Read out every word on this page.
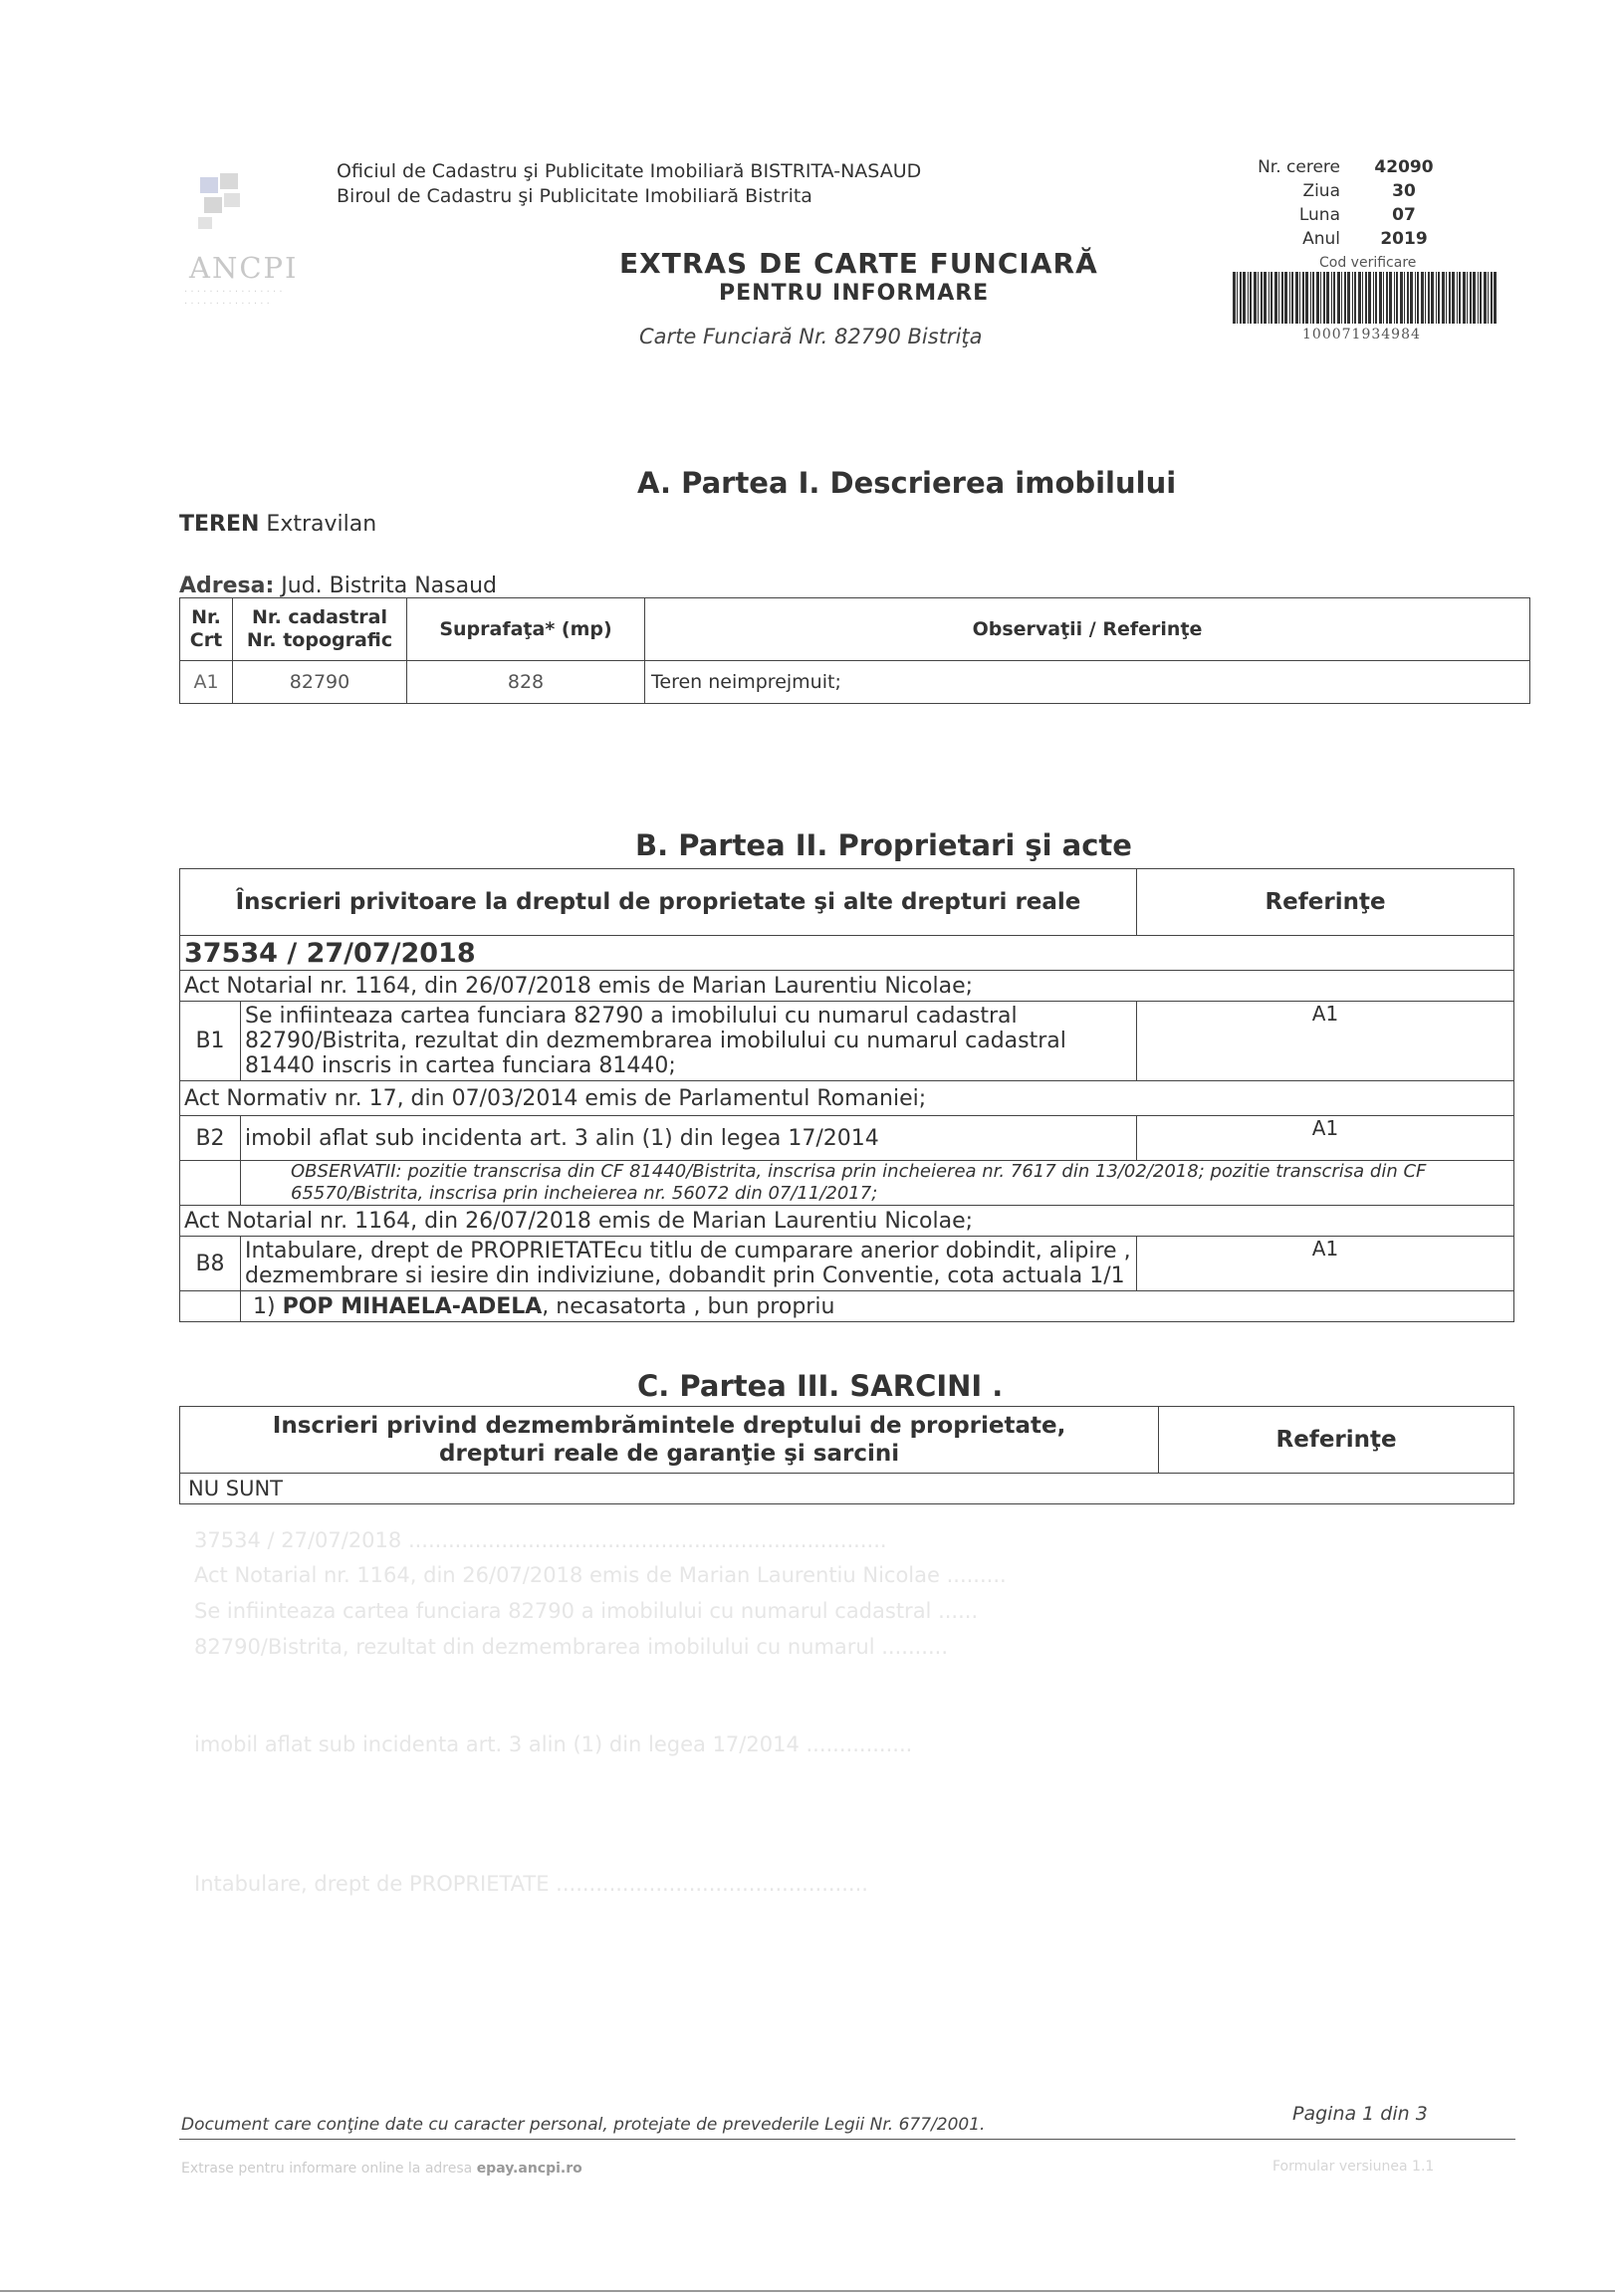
37534 / 27/07/2018 ........................................................................
Act Notarial nr. 1164, din 26/07/2018 emis de Marian Laurentiu Nicolae .........
Se infiinteaza cartea funciara 82790 a imobilului cu numarul cadastral ......
82790/Bistrita, rezultat din dezmembrarea imobilului cu numarul ..........
imobil aflat sub incidenta art. 3 alin (1) din legea 17/2014 ................
Intabulare, drept de PROPRIETATE ...............................................
ANCPI
· · · · · · · · · · · · · · · ·
· · · · · · · · · · · · · ·
Oficiul de Cadastru şi Publicitate Imobiliară BISTRITA-NASAUD
Biroul de Cadastru şi Publicitate Imobiliară Bistrita
EXTRAS DE CARTE FUNCIARĂ
PENTRU INFORMARE
Carte Funciară Nr. 82790 Bistriţa
Nr. cerere	42090
Ziua	30
Luna	07
Anul	2019
Cod verificare
100071934984
A. Partea I. Descrierea imobilului
TEREN Extravilan
Adresa: Jud. Bistrita Nasaud
Nr. Crt	Nr. cadastral Nr. topografic	Suprafaţa* (mp)	Observaţii / Referinţe
A1	82790	828	Teren neimprejmuit;
B. Partea II. Proprietari şi acte
Înscrieri privitoare la dreptul de proprietate şi alte drepturi reale		Referinţe
37534 / 27/07/2018		
Act Notarial nr. 1164, din 26/07/2018 emis de Marian Laurentiu Nicolae;		
B1	Se infiinteaza cartea funciara 82790 a imobilului cu numarul cadastral 82790/Bistrita, rezultat din dezmembrarea imobilului cu numarul cadastral 81440 inscris in cartea funciara 81440;	A1
Act Normativ nr. 17, din 07/03/2014 emis de Parlamentul Romaniei;		
B2	imobil aflat sub incidenta art. 3 alin (1) din legea 17/2014	A1
	OBSERVATII: pozitie transcrisa din CF 81440/Bistrita, inscrisa prin incheierea nr. 7617 din 13/02/2018; pozitie transcrisa din CF 65570/Bistrita, inscrisa prin incheierea nr. 56072 din 07/11/2017;	
Act Notarial nr. 1164, din 26/07/2018 emis de Marian Laurentiu Nicolae;		
B8	Intabulare, drept de PROPRIETATEcu titlu de cumparare anerior dobindit, alipire , dezmembrare si iesire din indiviziune, dobandit prin Conventie, cota actuala 1/1	A1
	1) POP MIHAELA-ADELA, necasatorta , bun propriu	
C. Partea III. SARCINI .
Inscrieri privind dezmembrămintele dreptului de proprietate, drepturi reale de garanţie şi sarcini	Referinţe
NU SUNT
Document care conţine date cu caracter personal, protejate de prevederile Legii Nr. 677/2001.	Pagina 1 din 3
Extrase pentru informare online la adresa epay.ancpi.ro	Formular versiunea 1.1
